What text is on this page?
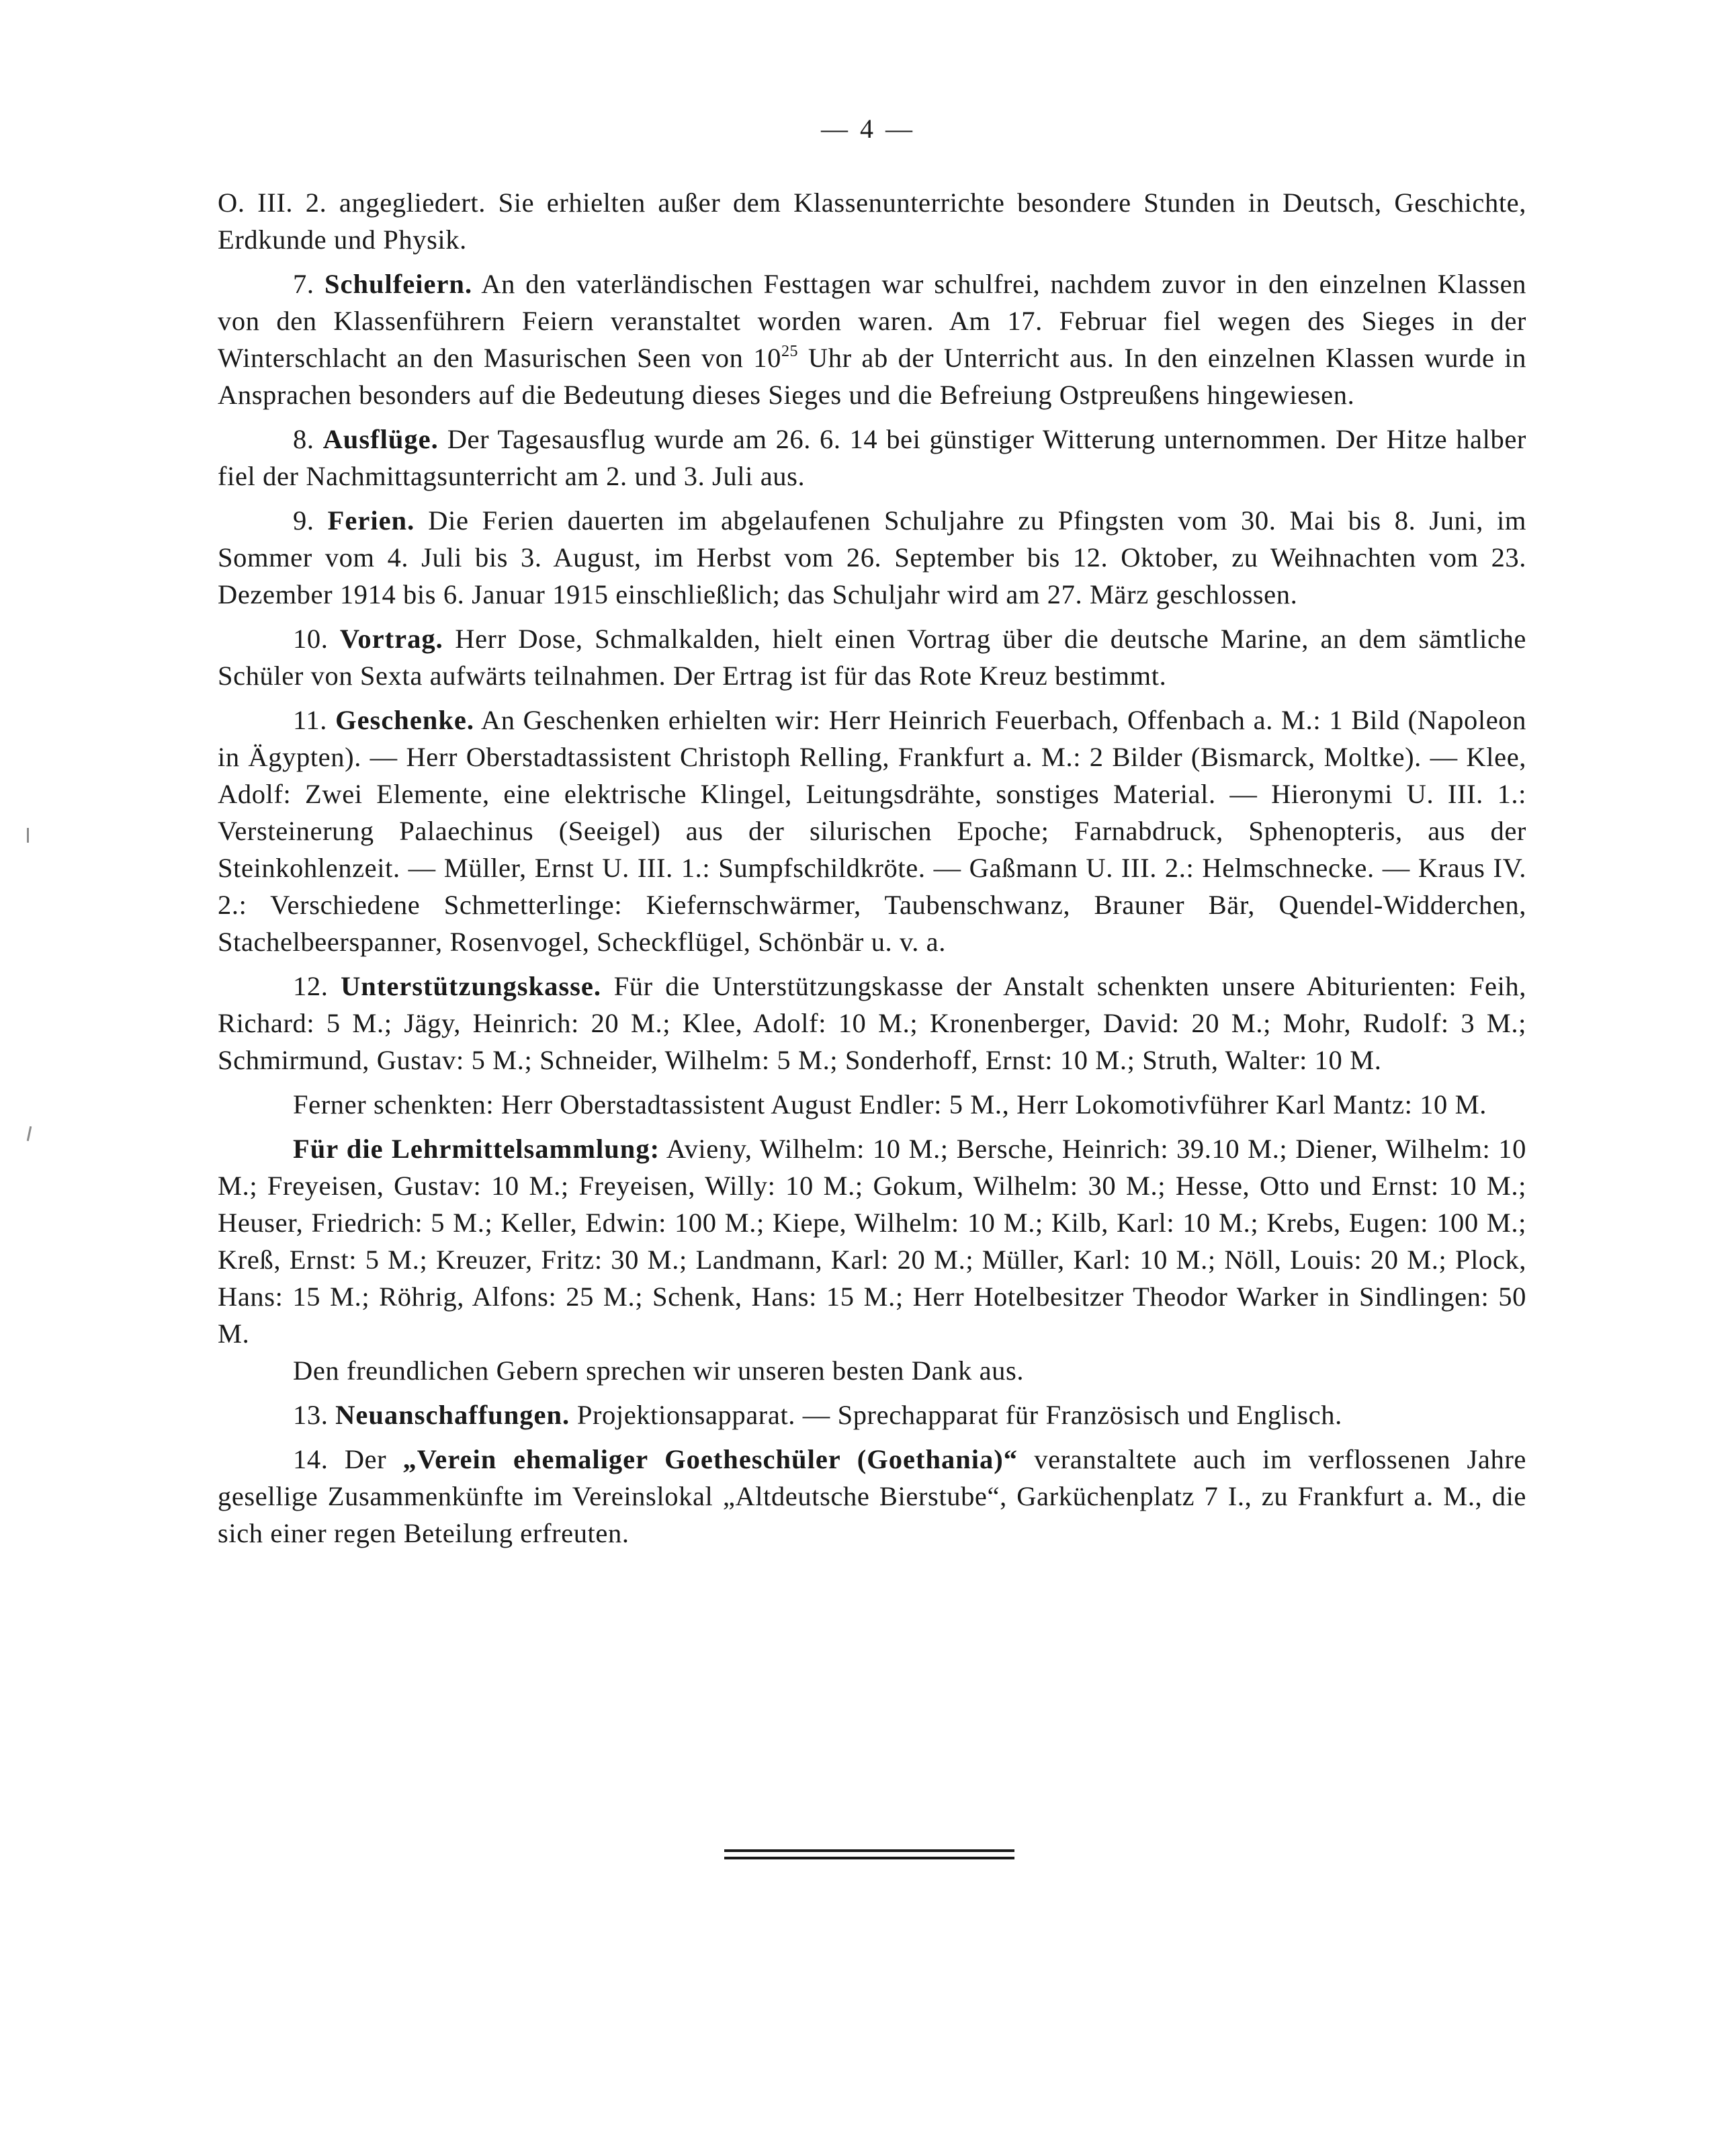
— 4 —

O. III. 2. angegliedert. Sie erhielten außer dem Klassenunterrichte besondere Stunden in Deutsch, Geschichte, Erdkunde und Physik.

7. Schulfeiern. An den vaterländischen Festtagen war schulfrei, nachdem zuvor in den einzelnen Klassen von den Klassenführern Feiern veranstaltet worden waren. Am 17. Februar fiel wegen des Sieges in der Winterschlacht an den Masurischen Seen von $10^{25}$ Uhr ab der Unterricht aus. In den einzelnen Klassen wurde in Ansprachen besonders auf die Bedeutung dieses Sieges und die Befreiung Ostpreußens hingewiesen.

8. Ausflüge. Der Tagesausflug wurde am 26. 6. 14 bei günstiger Witterung unternommen. Der Hitze halber fiel der Nachmittagsunterricht am 2. und 3. Juli aus.

9. Ferien. Die Ferien dauerten im abgelaufenen Schuljahre zu Pfingsten vom 30. Mai bis 8. Juni, im Sommer vom 4. Juli bis 3. August, im Herbst vom 26. September bis 12. Oktober, zu Weihnachten vom 23. Dezember 1914 bis 6. Januar 1915 einschließlich; das Schuljahr wird am 27. März geschlossen.

10. Vortrag. Herr Dose, Schmalkalden, hielt einen Vortrag über die deutsche Marine, an dem sämtliche Schüler von Sexta aufwärts teilnahmen. Der Ertrag ist für das Rote Kreuz bestimmt.

11. Geschenke. An Geschenken erhielten wir: Herr Heinrich Feuerbach, Offenbach a. M.: 1 Bild (Napoleon in Ägypten). — Herr Oberstadtassistent Christoph Relling, Frankfurt a. M.: 2 Bilder (Bismarck, Moltke). — Klee, Adolf: Zwei Elemente, eine elektrische Klingel, Leitungsdrähte, sonstiges Material. — Hieronymi U. III. 1.: Versteinerung Palaechinus (Seeigel) aus der silurischen Epoche; Farnabdruck, Sphenopteris, aus der Steinkohlenzeit. — Müller, Ernst U. III. 1.: Sumpfschildkröte. — Gaßmann U. III. 2.: Helmschnecke. — Kraus IV. 2.: Verschiedene Schmetterlinge: Kiefernschwärmer, Taubenschwanz, Brauner Bär, Quendel-Widderchen, Stachelbeerspanner, Rosenvogel, Scheckflügel, Schönbär u. v. a.

12. Unterstützungskasse. Für die Unterstützungskasse der Anstalt schenkten unsere Abiturienten: Feih, Richard: 5 M.; Jägy, Heinrich: 20 M.; Klee, Adolf: 10 M.; Kronenberger, David: 20 M.; Mohr, Rudolf: 3 M.; Schmirmund, Gustav: 5 M.; Schneider, Wilhelm: 5 M.; Sonderhoff, Ernst: 10 M.; Struth, Walter: 10 M.

Ferner schenkten: Herr Oberstadtassistent August Endler: 5 M., Herr Lokomotivführer Karl Mantz: 10 M.

Für die Lehrmittelsammlung: Avieny, Wilhelm: 10 M.; Bersche, Heinrich: 39.10 M.; Diener, Wilhelm: 10 M.; Freyeisen, Gustav: 10 M.; Freyeisen, Willy: 10 M.; Gokum, Wilhelm: 30 M.; Hesse, Otto und Ernst: 10 M.; Heuser, Friedrich: 5 M.; Keller, Edwin: 100 M.; Kiepe, Wilhelm: 10 M.; Kilb, Karl: 10 M.; Krebs, Eugen: 100 M.; Kreß, Ernst: 5 M.; Kreuzer, Fritz: 30 M.; Landmann, Karl: 20 M.; Müller, Karl: 10 M.; Nöll, Louis: 20 M.; Plock, Hans: 15 M.; Röhrig, Alfons: 25 M.; Schenk, Hans: 15 M.; Herr Hotelbesitzer Theodor Warker in Sindlingen: 50 M.

Den freundlichen Gebern sprechen wir unseren besten Dank aus.

13. Neuanschaffungen. Projektionsapparat. — Sprechapparat für Französisch und Englisch.

14. Der „Verein ehemaliger Goetheschüler (Goethania)“ veranstaltete auch im verflossenen Jahre gesellige Zusammenkünfte im Vereinslokal „Altdeutsche Bierstube“, Garküchenplatz 7 I., zu Frankfurt a. M., die sich einer regen Beteilung erfreuten.
